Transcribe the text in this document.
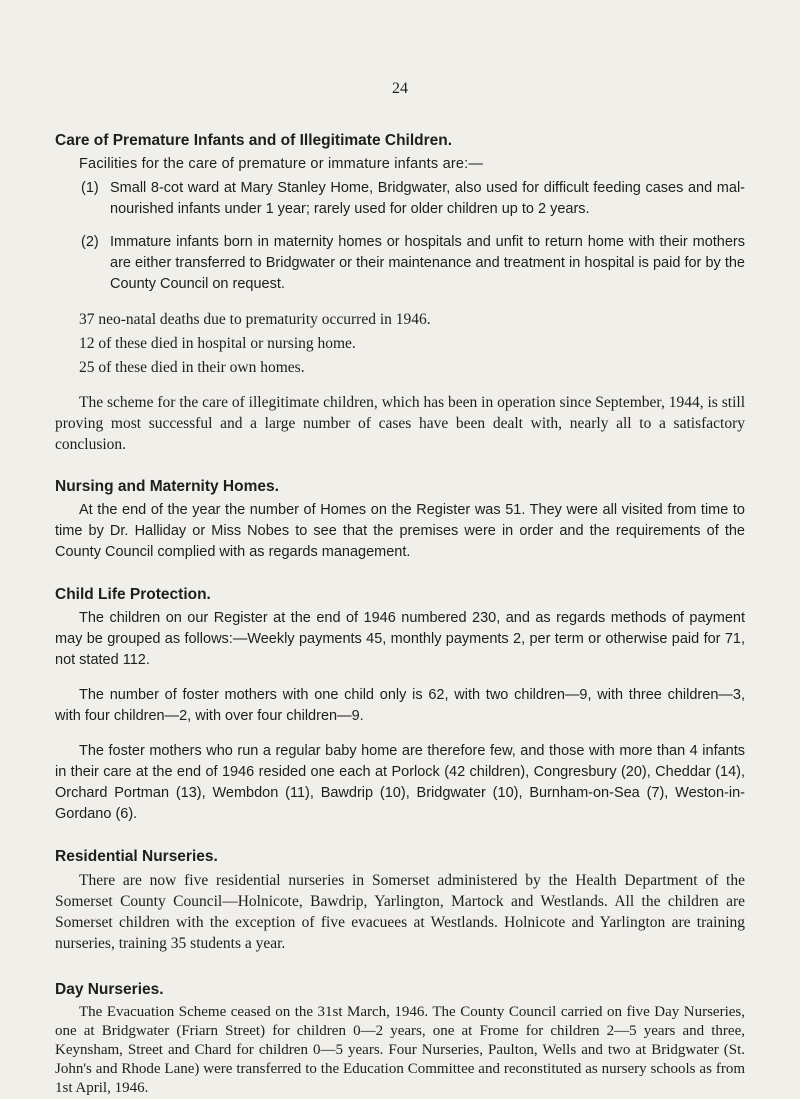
24
Care of Premature Infants and of Illegitimate Children.

Facilities for the care of premature or immature infants are:—

(1) Small 8-cot ward at Mary Stanley Home, Bridgwater, also used for difficult feeding cases and mal-nourished infants under 1 year; rarely used for older children up to 2 years.
(2) Immature infants born in maternity homes or hospitals and unfit to return home with their mothers are either transferred to Bridgwater or their maintenance and treatment in hospital is paid for by the County Council on request.

37 neo-natal deaths due to prematurity occurred in 1946.

12 of these died in hospital or nursing home.

25 of these died in their own homes.

The scheme for the care of illegitimate children, which has been in operation since September, 1944, is still proving most successful and a large number of cases have been dealt with, nearly all to a satisfactory conclusion.

Nursing and Maternity Homes.

At the end of the year the number of Homes on the Register was 51. They were all visited from time to time by Dr. Halliday or Miss Nobes to see that the premises were in order and the requirements of the County Council complied with as regards management.

Child Life Protection.

The children on our Register at the end of 1946 numbered 230, and as regards methods of payment may be grouped as follows:—Weekly payments 45, monthly payments 2, per term or otherwise paid for 71, not stated 112.

The number of foster mothers with one child only is 62, with two children—9, with three children—3, with four children—2, with over four children—9.

The foster mothers who run a regular baby home are therefore few, and those with more than 4 infants in their care at the end of 1946 resided one each at Porlock (42 children), Congresbury (20), Cheddar (14), Orchard Portman (13), Wembdon (11), Bawdrip (10), Bridgwater (10), Burnham-on-Sea (7), Weston-in-Gordano (6).

Residential Nurseries.

There are now five residential nurseries in Somerset administered by the Health Department of the Somerset County Council—Holnicote, Bawdrip, Yarlington, Martock and Westlands. All the children are Somerset children with the exception of five evacuees at Westlands. Holnicote and Yarlington are training nurseries, training 35 students a year.

Day Nurseries.

The Evacuation Scheme ceased on the 31st March, 1946. The County Council carried on five Day Nurseries, one at Bridgwater (Friarn Street) for children 0—2 years, one at Frome for children 2—5 years and three, Keynsham, Street and Chard for children 0—5 years. Four Nurseries, Paulton, Wells and two at Bridgwater (St. John's and Rhode Lane) were transferred to the Education Committee and reconstituted as nursery schools as from 1st April, 1946.
